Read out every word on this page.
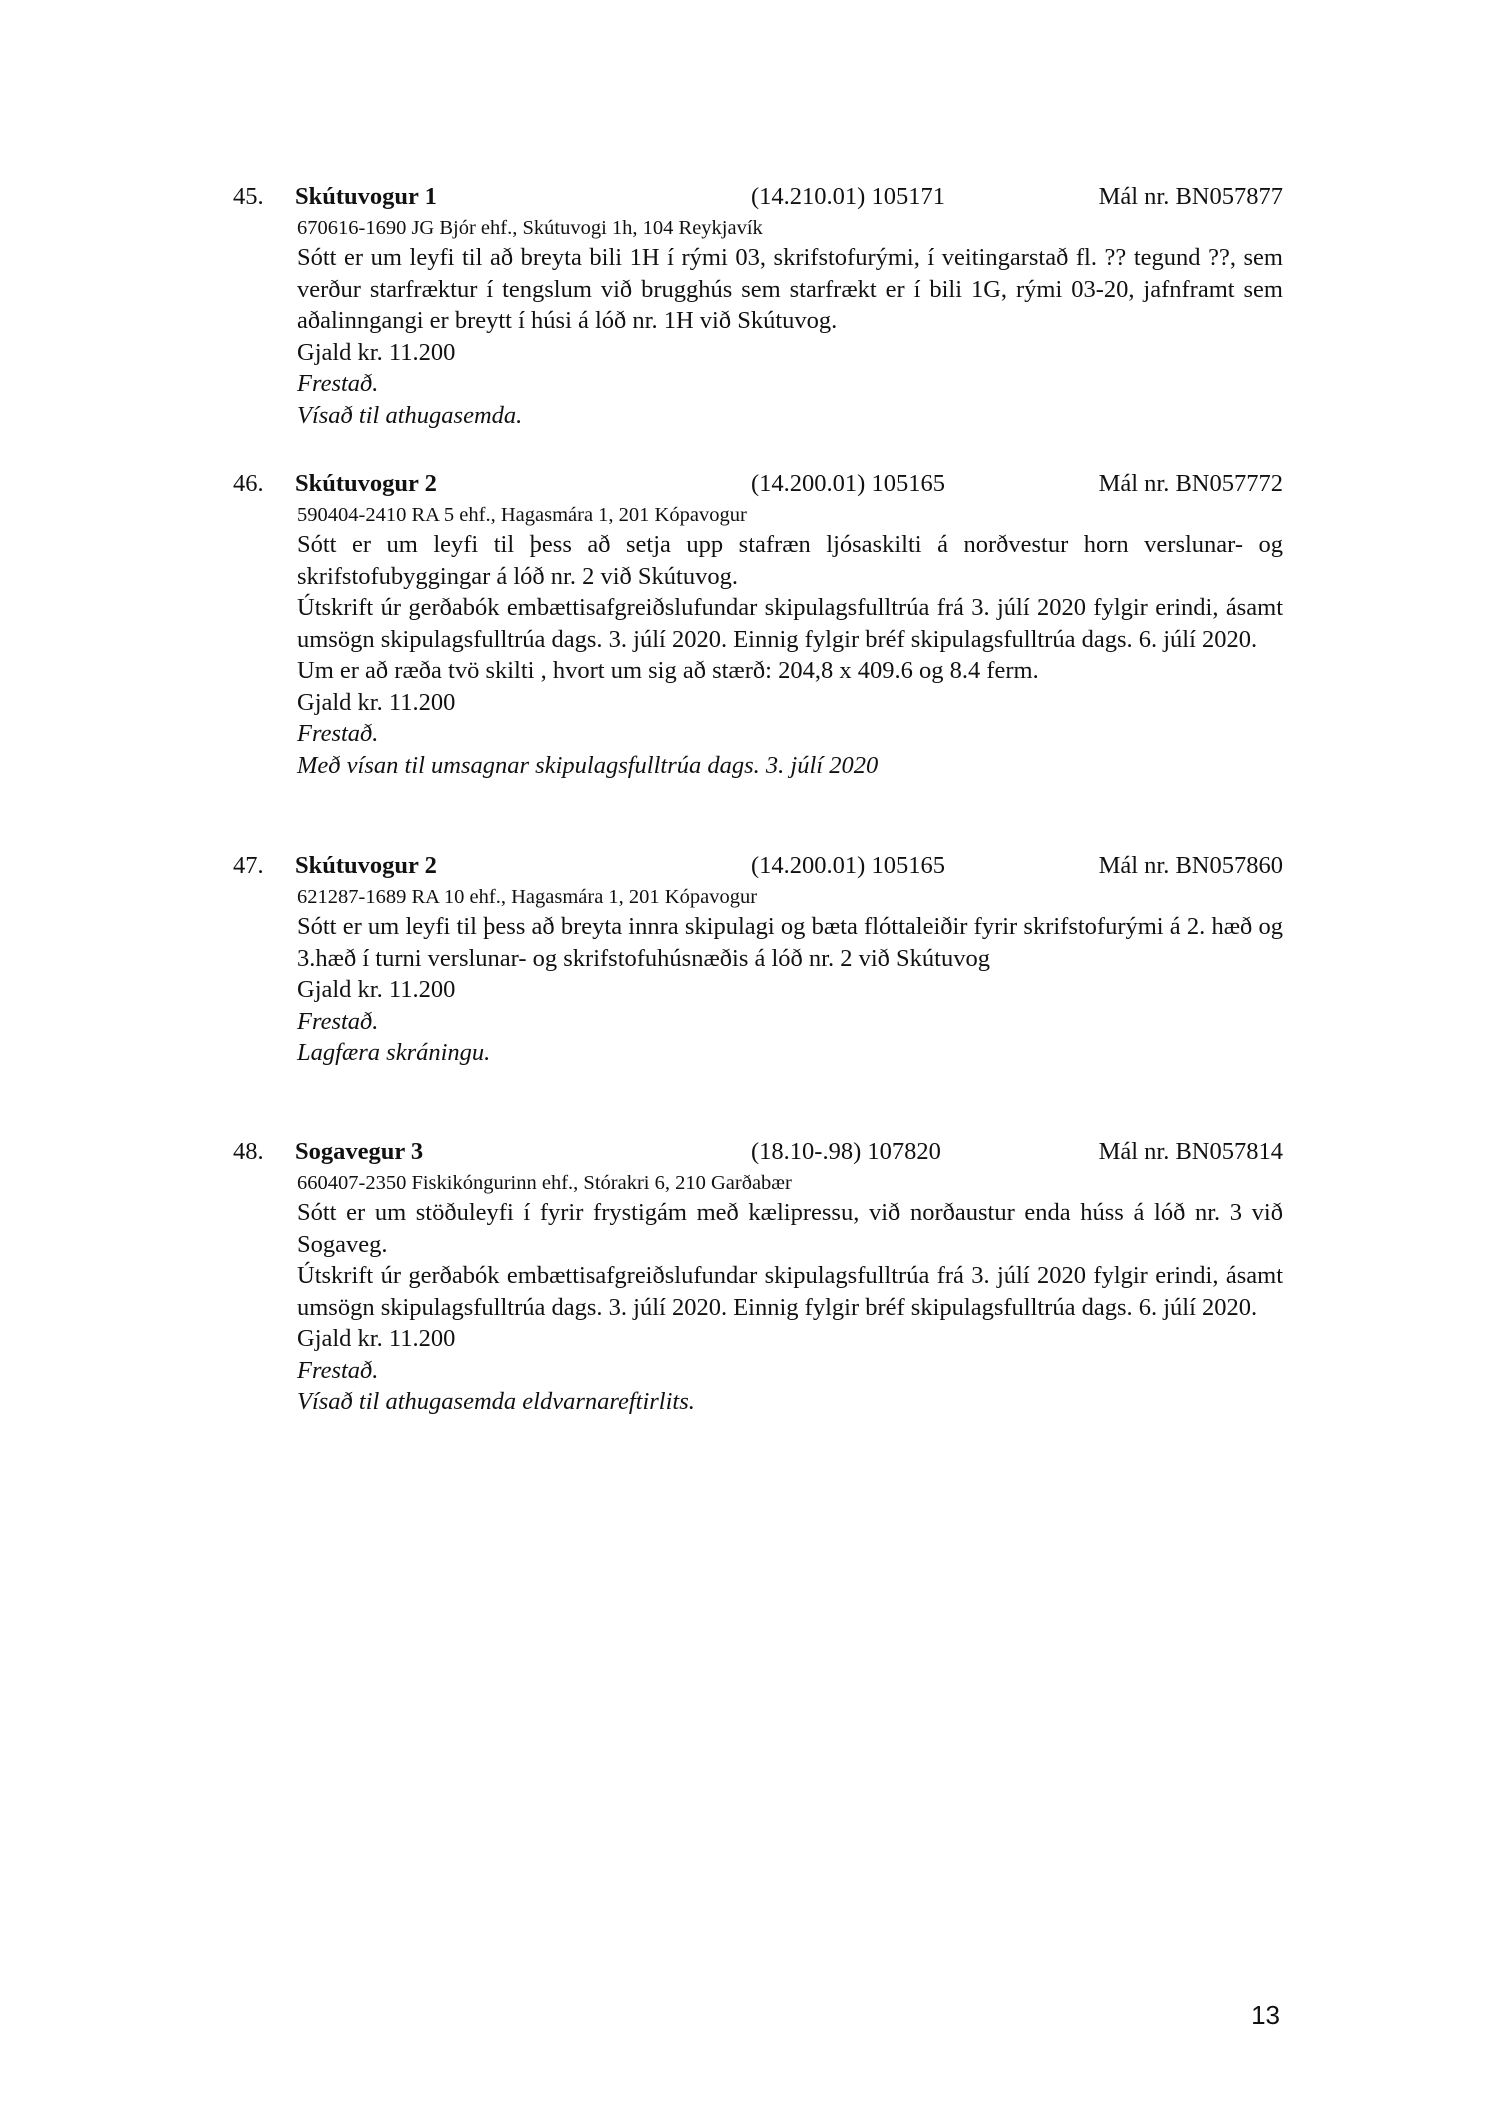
45. Skútuvogur 1	(14.210.01) 105171	Mál nr. BN057877
670616-1690 JG Bjór ehf., Skútuvogi 1h, 104 Reykjavík

Sótt er um leyfi til að breyta bili 1H í rými 03, skrifstofurými, í veitingarstað fl. ?? tegund ??, sem verður starfræktur í tengslum við brugghús sem starfrækt er í bili 1G, rými 03-20, jafnframt sem aðalinngangi er breytt í húsi á lóð nr. 1H við Skútuvog.

Gjald kr. 11.200

Frestað.

Vísað til athugasemda.

46. Skútuvogur 2	(14.200.01) 105165	Mál nr. BN057772
590404-2410 RA 5 ehf., Hagasmára 1, 201 Kópavogur

Sótt er um leyfi til þess að setja upp stafræn ljósaskilti á norðvestur horn verslunar- og skrifstofubyggingar á lóð nr. 2 við Skútuvog.

Útskrift úr gerðabók embættisafgreiðslufundar skipulagsfulltrúa frá 3. júlí 2020 fylgir erindi, ásamt umsögn skipulagsfulltrúa dags. 3. júlí 2020. Einnig fylgir bréf skipulagsfulltrúa dags. 6. júlí 2020.

Um er að ræða tvö skilti , hvort um sig að stærð: 204,8 x 409.6 og 8.4 ferm.

Gjald kr. 11.200

Frestað.

Með vísan til umsagnar skipulagsfulltrúa dags. 3. júlí 2020

47. Skútuvogur 2	(14.200.01) 105165	Mál nr. BN057860
621287-1689 RA 10 ehf., Hagasmára 1, 201 Kópavogur

Sótt er um leyfi til þess að breyta innra skipulagi og bæta flóttaleiðir fyrir skrifstofurými á 2. hæð og 3.hæð í turni verslunar- og skrifstofuhúsnæðis á lóð nr. 2 við Skútuvog

Gjald kr. 11.200

Frestað.

Lagfæra skráningu.

48. Sogavegur 3	(18.10-.98) 107820	Mál nr. BN057814
660407-2350 Fiskikóngurinn ehf., Stórakri 6, 210 Garðabær

Sótt er um stöðuleyfi í fyrir frystigám með kælipressu, við norðaustur enda húss á lóð nr. 3 við Sogaveg.

Útskrift úr gerðabók embættisafgreiðslufundar skipulagsfulltrúa frá 3. júlí 2020 fylgir erindi, ásamt umsögn skipulagsfulltrúa dags. 3. júlí 2020. Einnig fylgir bréf skipulagsfulltrúa dags. 6. júlí 2020.

Gjald kr. 11.200

Frestað.

Vísað til athugasemda eldvarnareftirlits.

13
